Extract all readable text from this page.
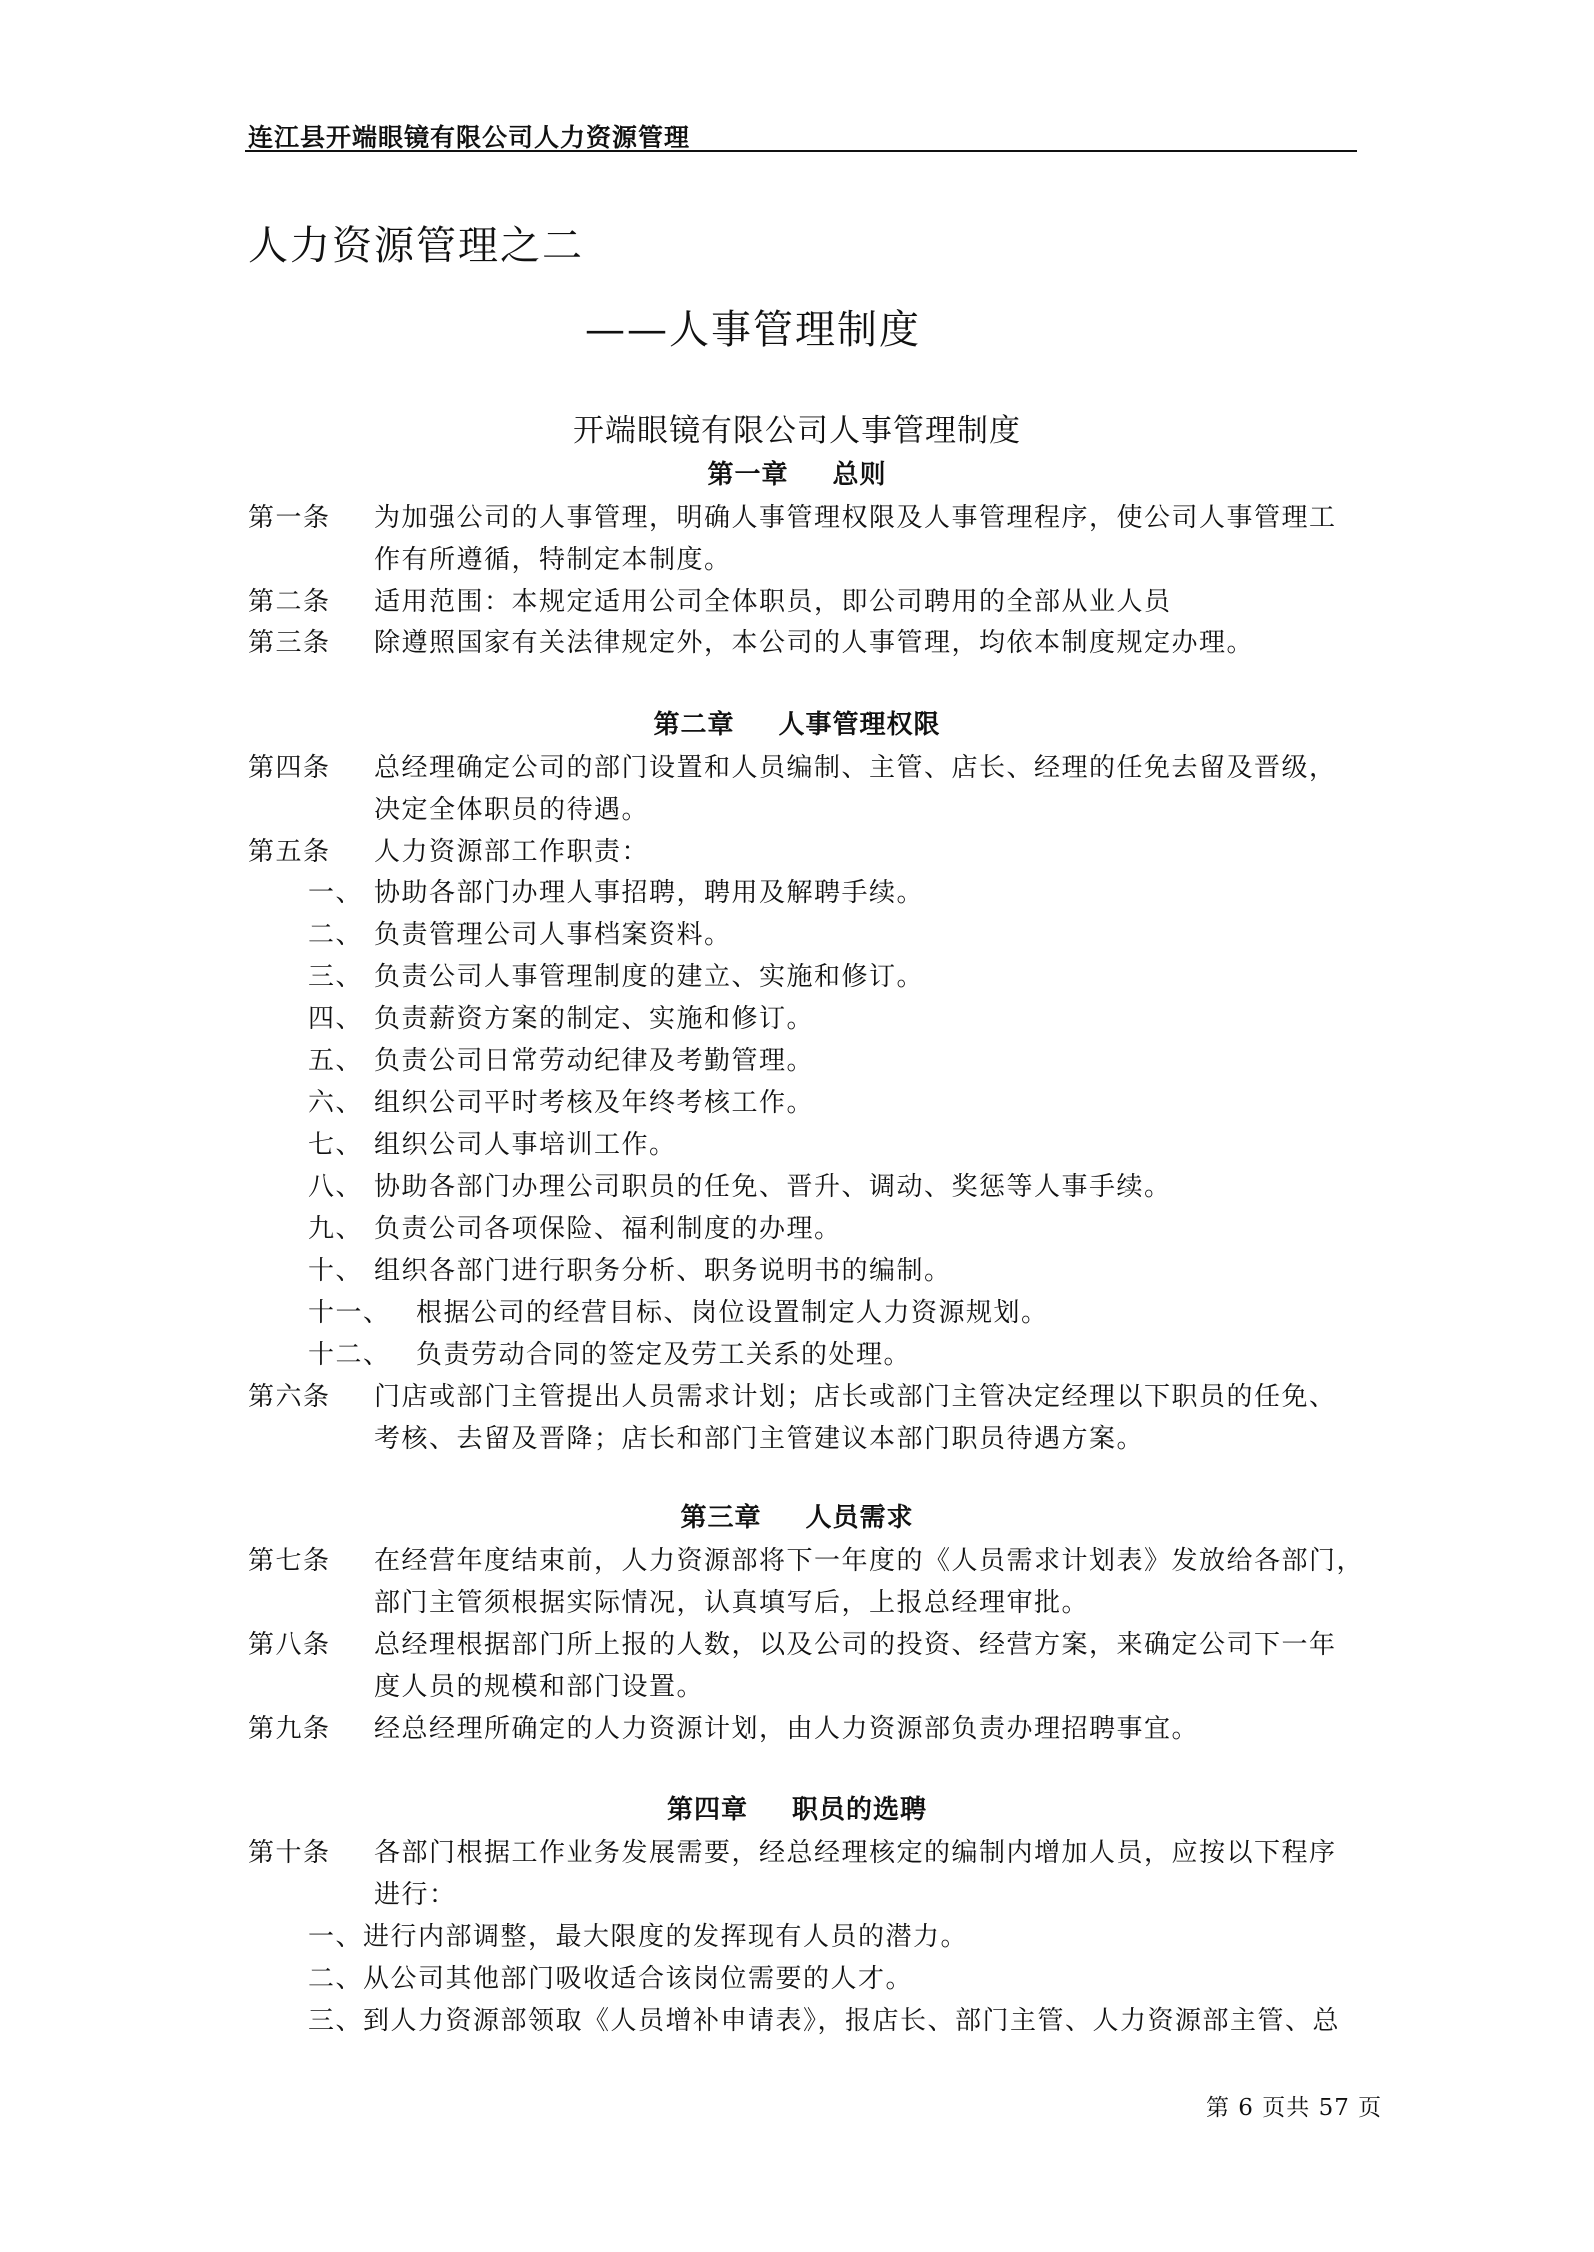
连江县开端眼镜有限公司人力资源管理
人力资源管理之二
——人事管理制度
开端眼镜有限公司人事管理制度
第一章 总则
第一条 为加强公司的人事管理，明确人事管理权限及人事管理程序，使公司人事管理工
作有所遵循，特制定本制度。
第二条 适用范围：本规定适用公司全体职员，即公司聘用的全部从业人员
第三条 除遵照国家有关法律规定外，本公司的人事管理，均依本制度规定办理。
第二章 人事管理权限
第四条 总经理确定公司的部门设置和人员编制、主管、店长、经理的任免去留及晋级，
决定全体职员的待遇。
第五条 人力资源部工作职责：
一、 协助各部门办理人事招聘，聘用及解聘手续。
二、 负责管理公司人事档案资料。
三、 负责公司人事管理制度的建立、实施和修订。
四、 负责薪资方案的制定、实施和修订。
五、 负责公司日常劳动纪律及考勤管理。
六、 组织公司平时考核及年终考核工作。
七、 组织公司人事培训工作。
八、 协助各部门办理公司职员的任免、晋升、调动、奖惩等人事手续。
九、 负责公司各项保险、福利制度的办理。
十、 组织各部门进行职务分析、职务说明书的编制。
十一、 根据公司的经营目标、岗位设置制定人力资源规划。
十二、 负责劳动合同的签定及劳工关系的处理。
第六条 门店或部门主管提出人员需求计划；店长或部门主管决定经理以下职员的任免、
考核、去留及晋降；店长和部门主管建议本部门职员待遇方案。
第三章 人员需求
第七条 在经营年度结束前，人力资源部将下一年度的《人员需求计划表》发放给各部门，
部门主管须根据实际情况，认真填写后，上报总经理审批。
第八条 总经理根据部门所上报的人数，以及公司的投资、经营方案，来确定公司下一年
度人员的规模和部门设置。
第九条 经总经理所确定的人力资源计划，由人力资源部负责办理招聘事宜。
第四章 职员的选聘
第十条 各部门根据工作业务发展需要，经总经理核定的编制内增加人员，应按以下程序
进行：
一、进行内部调整，最大限度的发挥现有人员的潜力。
二、从公司其他部门吸收适合该岗位需要的人才。
三、到人力资源部领取《人员增补申请表》，报店长、部门主管、人力资源部主管、总
第 6 页共 57 页
